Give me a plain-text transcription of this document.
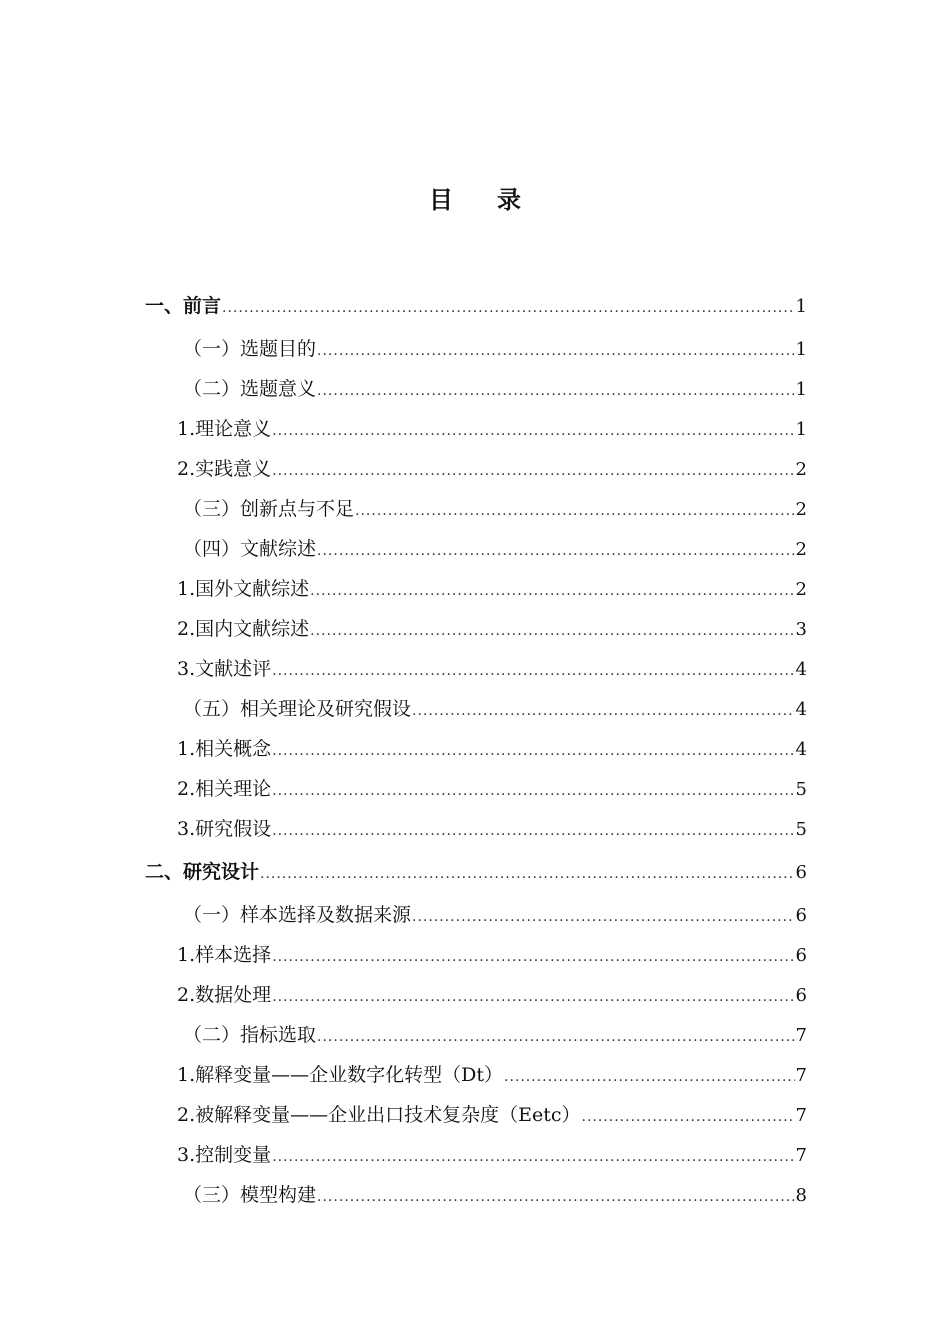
目 录
一、前言 .....	1
（一）选题目的 .....	1
（二）选题意义 .....	1
1.理论意义 .....	1
2.实践意义 .....	2
（三）创新点与不足 .....	2
（四）文献综述 .....	2
1.国外文献综述 .....	2
2.国内文献综述 .....	3
3.文献述评 .....	4
（五）相关理论及研究假设 .....	4
1.相关概念 .....	4
2.相关理论 .....	5
3.研究假设 .....	5
二、研究设计 .....	6
（一）样本选择及数据来源 .....	6
1.样本选择 .....	6
2.数据处理 .....	6
（二）指标选取 .....	7
1.解释变量——企业数字化转型（Dt） .....	7
2.被解释变量——企业出口技术复杂度（Eetc） .....	7
3.控制变量 .....	7
（三）模型构建 .....	8
